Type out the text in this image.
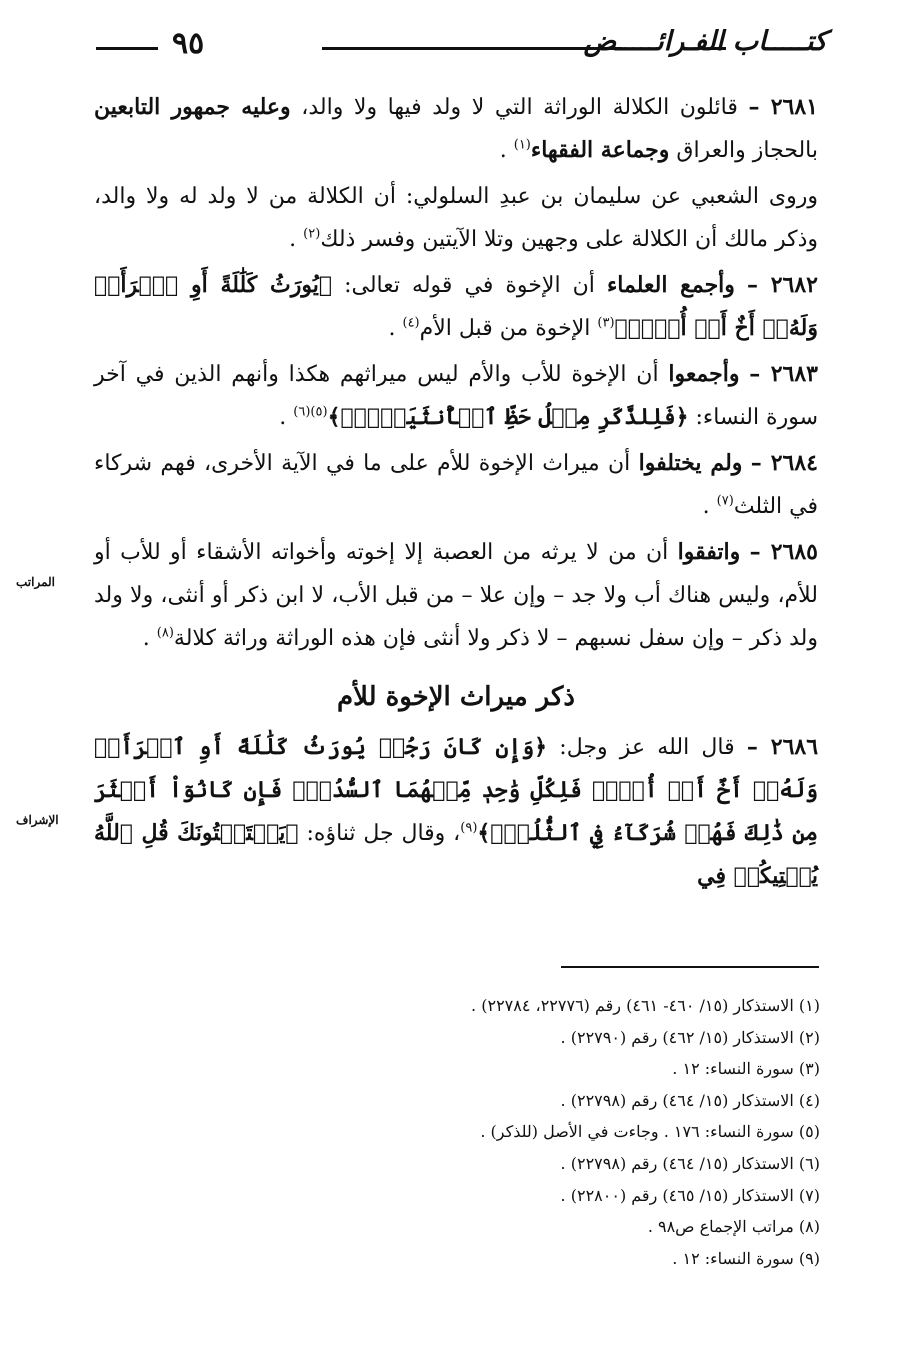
كتـــــاب الفـرائـــــض
٩٥
المراتب
الإشراف

٢٦٨١ – قائلون الكلالة الوراثة التي لا ولد فيها ولا والد، وعليه جمهور التابعين بالحجاز والعراق وجماعة الفقهاء$^{(١)}$ .

وروى الشعبي عن سليمان بن عبدِ السلولي: أن الكلالة من لا ولد له ولا والد، وذكر مالك أن الكلالة على وجهين وتلا الآيتين وفسر ذلك$^{(٢)}$ .

٢٦٨٢ – وأجمع العلماء أن الإخوة في قوله تعالى: ﴿يُورَثُ كَلَٰلَةً أَوِ ٱمۡرَأَةٞ وَلَهُۥٓ أَخٌ أَوۡ أُخۡتٞ﴾$^{(٣)}$ الإخوة من قبل الأم$^{(٤)}$ .

٢٦٨٣ – وأجمعوا أن الإخوة للأب والأم ليس ميراثهم هكذا وأنهم الذين في آخر سورة النساء: ﴿فَلِلذَّكَرِ مِثۡلُ حَظِّ ٱلۡأُنثَيَيۡنِۗ﴾$^{(٥)(٦)}$ .

٢٦٨٤ – ولم يختلفوا أن ميراث الإخوة للأم على ما في الآية الأخرى، فهم شركاء في الثلث$^{(٧)}$ .

٢٦٨٥ – واتفقوا أن من لا يرثه من العصبة إلا إخوته وأخواته الأشقاء أو للأب أو للأم، وليس هناك أب ولا جد – وإن علا – من قبل الأب، لا ابن ذكر أو أنثى، ولا ولد ولد ذكر – وإن سفل نسبهم – لا ذكر ولا أنثى فإن هذه الوراثة وراثة كلالة$^{(٨)}$ .

ذكر ميراث الإخوة للأم

٢٦٨٦ – قال الله عز وجل: ﴿وَإِن كَانَ رَجُلٞ يُورَثُ كَلَٰلَةً أَوِ ٱمۡرَأَةٞ وَلَهُۥٓ أَخٌ أَوۡ أُخۡتٞ فَلِكُلِّ وَٰحِدٖ مِّنۡهُمَا ٱلسُّدُسُۚ فَإِن كَانُوٓاْ أَكۡثَرَ مِن ذَٰلِكَ فَهُمۡ شُرَكَآءُ فِي ٱلثُّلُثِۚ﴾$^{(٩)}$، وقال جل ثناؤه: ﴿يَسۡتَفۡتُونَكَ قُلِ ٱللَّهُ يُفۡتِيكُمۡ فِي

(١) الاستذكار (١٥/ ٤٦٠- ٤٦١) رقم (٢٢٧٧٦، ٢٢٧٨٤) .
(٢) الاستذكار (١٥/ ٤٦٢) رقم (٢٢٧٩٠) .
(٣) سورة النساء: ١٢ .
(٤) الاستذكار (١٥/ ٤٦٤) رقم (٢٢٧٩٨) .
(٥) سورة النساء: ١٧٦ . وجاءت في الأصل (للذكر) .
(٦) الاستذكار (١٥/ ٤٦٤) رقم (٢٢٧٩٨) .
(٧) الاستذكار (١٥/ ٤٦٥) رقم (٢٢٨٠٠) .
(٨) مراتب الإجماع ص٩٨ .
(٩) سورة النساء: ١٢ .
